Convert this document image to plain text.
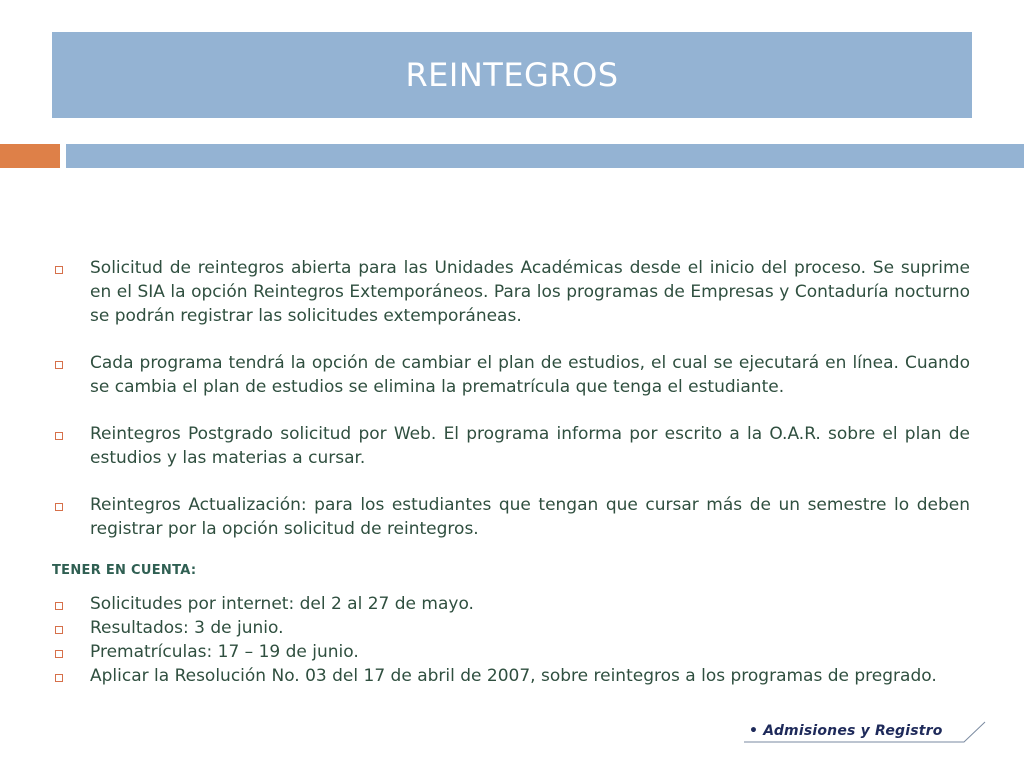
REINTEGROS
Solicitud de reintegros abierta para las Unidades Académicas desde el inicio del proceso. Se suprime en el SIA la opción Reintegros Extemporáneos. Para los programas de Empresas y Contaduría nocturno se podrán registrar las solicitudes extemporáneas.
Cada programa tendrá la opción de cambiar el plan de estudios, el cual se ejecutará en línea. Cuando se cambia el plan de estudios se elimina la prematrícula que tenga el estudiante.
Reintegros Postgrado solicitud por Web. El programa informa por escrito a la O.A.R. sobre el plan de estudios y las materias a cursar.
Reintegros Actualización: para los estudiantes que tengan que cursar más de un semestre lo deben registrar por la opción solicitud de reintegros.
TENER EN CUENTA:
Solicitudes por internet: del 2 al 27 de mayo.
Resultados: 3 de junio.
Prematrículas: 17 – 19 de junio.
Aplicar la Resolución No. 03 del 17 de abril de 2007, sobre reintegros a los programas de pregrado.
• Admisiones y Registro
